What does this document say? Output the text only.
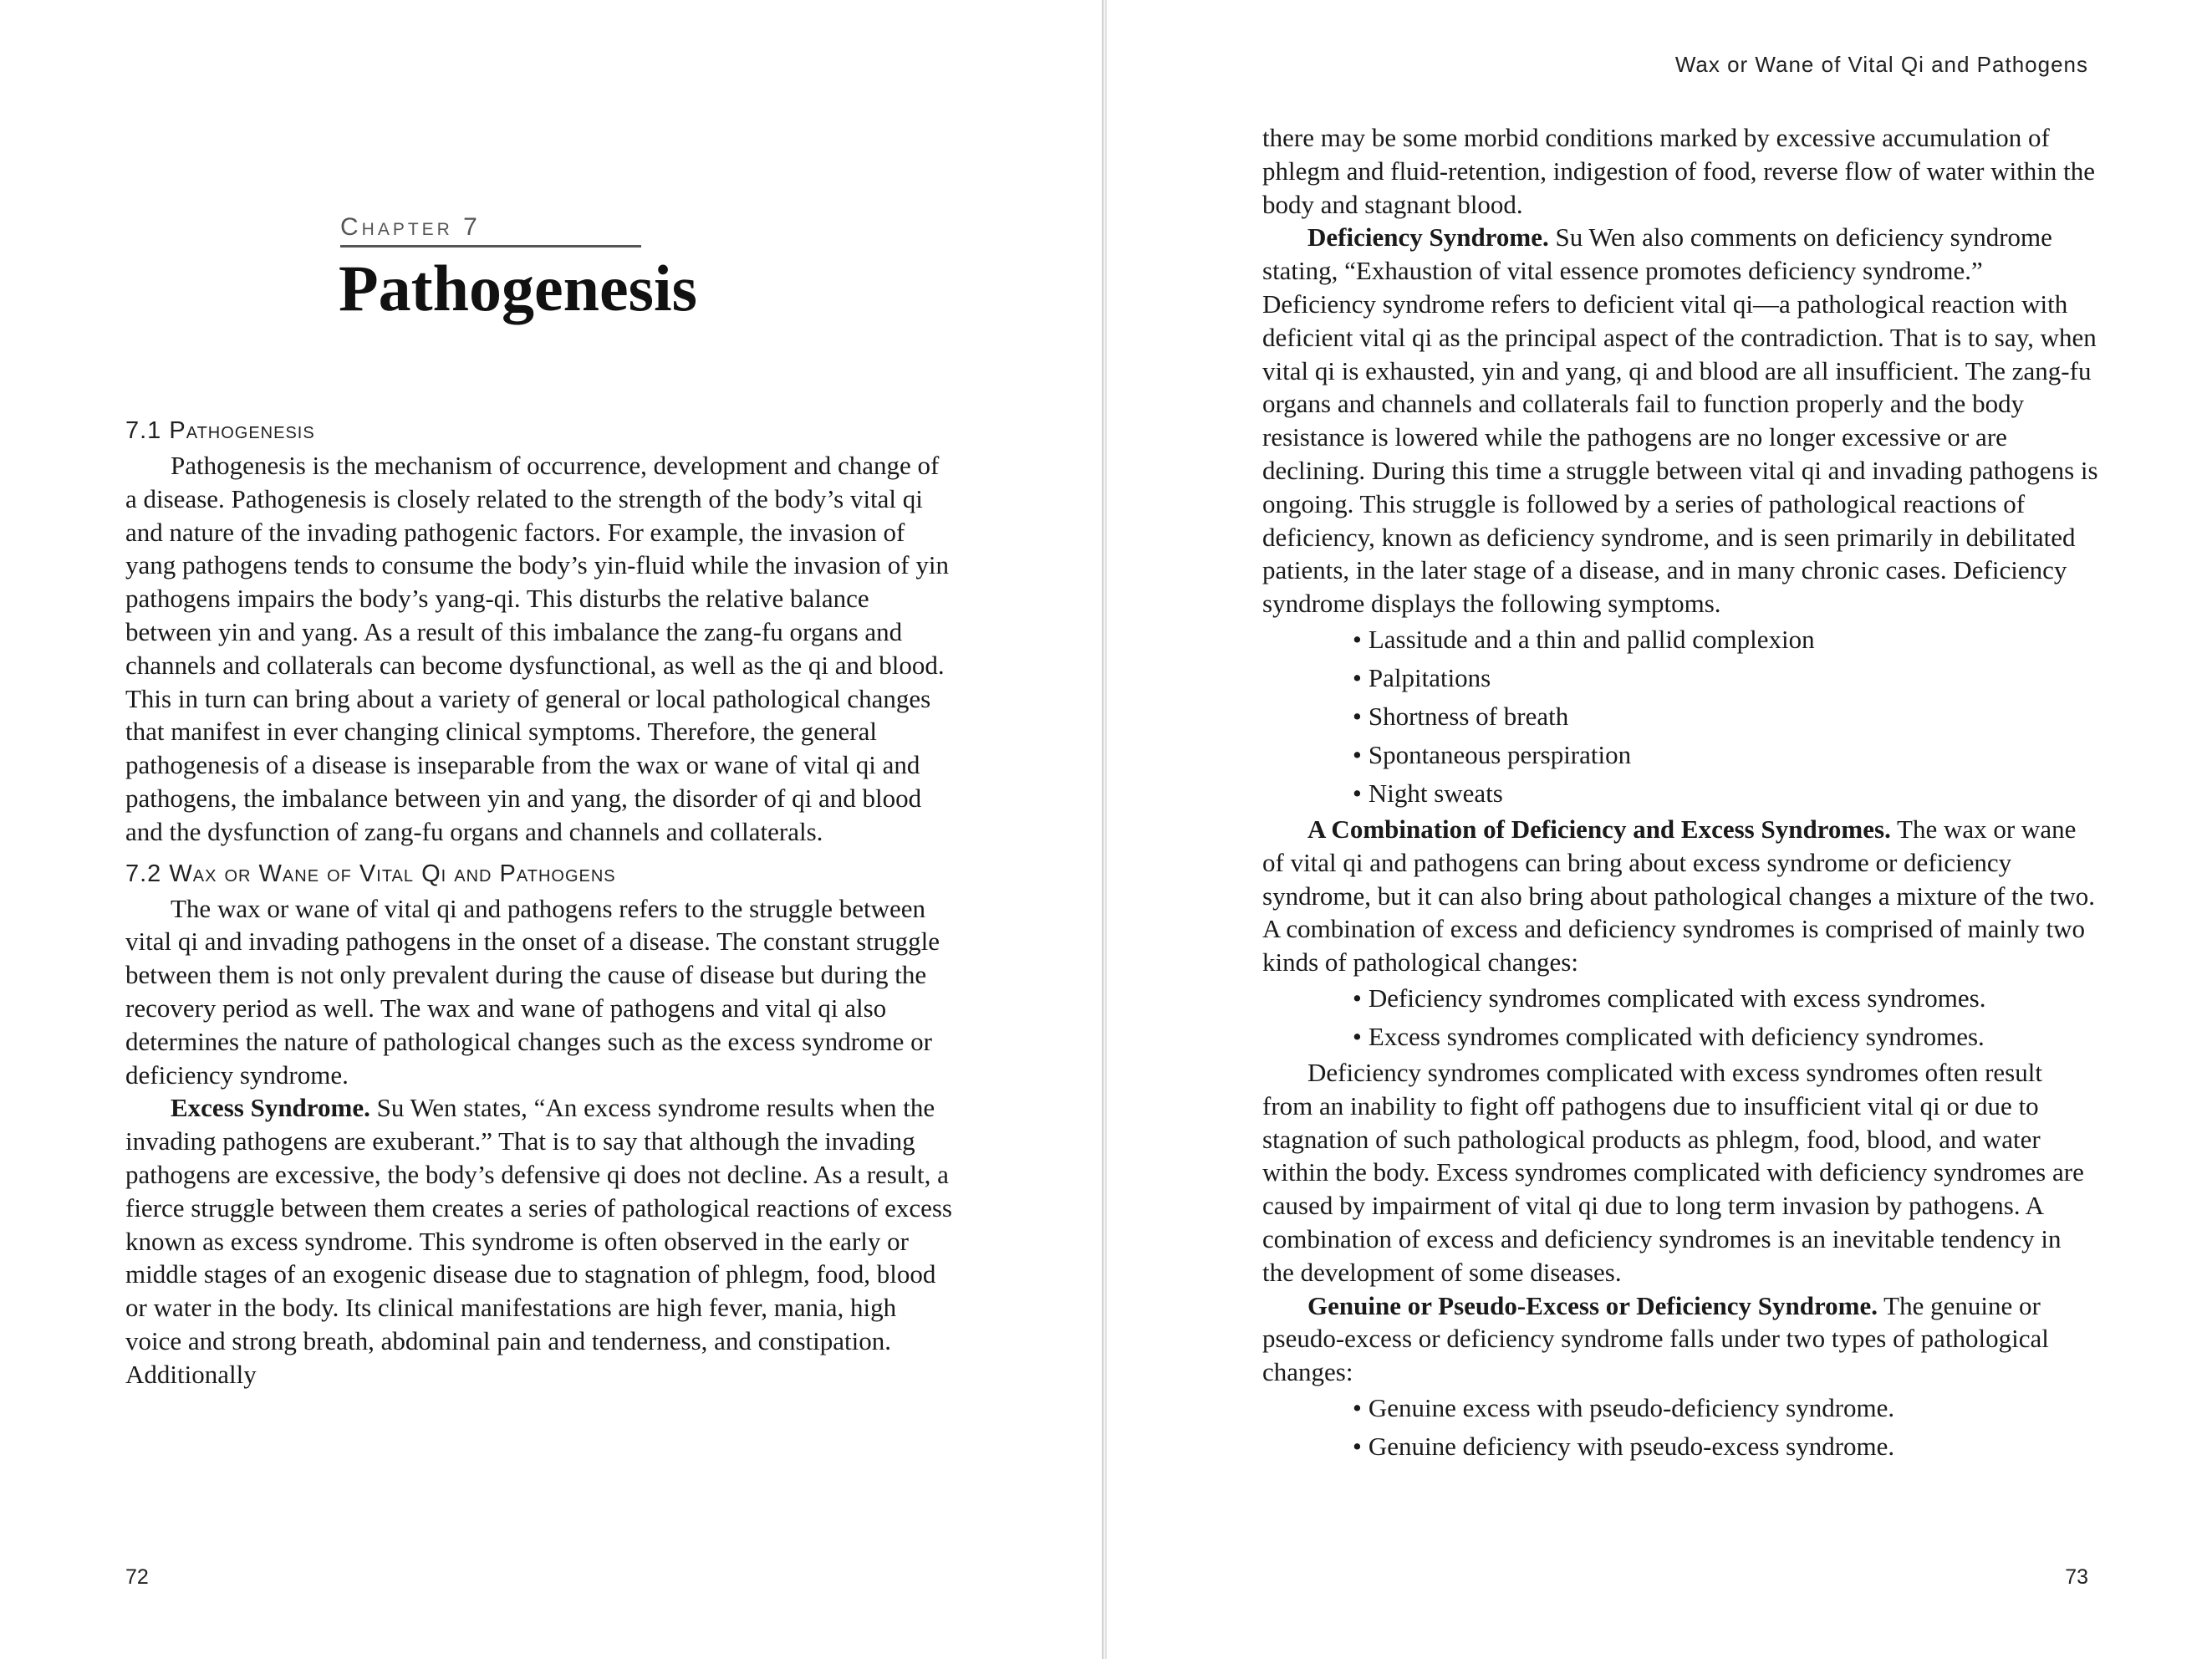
Chapter 7
Pathogenesis
7.1 Pathogenesis

Pathogenesis is the mechanism of occurrence, development and change of a disease. Pathogenesis is closely related to the strength of the body’s vital qi and nature of the invading pathogenic factors. For example, the invasion of yang pathogens tends to consume the body’s yin-fluid while the invasion of yin pathogens impairs the body’s yang-qi. This disturbs the relative balance between yin and yang. As a result of this imbalance the zang-fu organs and channels and collaterals can become dysfunctional, as well as the qi and blood. This in turn can bring about a variety of general or local pathological changes that manifest in ever changing clinical symptoms. Therefore, the general pathogenesis of a disease is inseparable from the wax or wane of vital qi and pathogens, the imbalance between yin and yang, the disorder of qi and blood and the dysfunction of zang-fu organs and channels and collaterals.

7.2 Wax or Wane of Vital Qi and Pathogens

The wax or wane of vital qi and pathogens refers to the struggle between vital qi and invading pathogens in the onset of a disease. The constant struggle between them is not only prevalent during the cause of disease but during the recovery period as well. The wax and wane of pathogens and vital qi also determines the nature of pathological changes such as the excess syndrome or deficiency syndrome.

Excess Syndrome. Su Wen states, “An excess syndrome results when the invading pathogens are exuberant.” That is to say that although the invading pathogens are excessive, the body’s defensive qi does not decline. As a result, a fierce struggle between them creates a series of pathological reactions of excess known as excess syndrome. This syndrome is often observed in the early or middle stages of an exogenic disease due to stagnation of phlegm, food, blood or water in the body. Its clinical manifestations are high fever, mania, high voice and strong breath, abdominal pain and tenderness, and constipation. Additionally

72
Wax or Wane of Vital Qi and Pathogens

there may be some morbid conditions marked by excessive accumulation of phlegm and fluid-retention, indigestion of food, reverse flow of water within the body and stagnant blood.

Deficiency Syndrome. Su Wen also comments on deficiency syndrome stating, “Exhaustion of vital essence promotes deficiency syndrome.” Deficiency syndrome refers to deficient vital qi—a pathological reaction with deficient vital qi as the principal aspect of the contradiction. That is to say, when vital qi is exhausted, yin and yang, qi and blood are all insufficient. The zang-fu organs and channels and collaterals fail to function properly and the body resistance is lowered while the pathogens are no longer excessive or are declining. During this time a struggle between vital qi and invading pathogens is ongoing. This struggle is followed by a series of pathological reactions of deficiency, known as deficiency syndrome, and is seen primarily in debilitated patients, in the later stage of a disease, and in many chronic cases. Deficiency syndrome displays the following symptoms.

• Lassitude and a thin and pallid complexion
• Palpitations
• Shortness of breath
• Spontaneous perspiration
• Night sweats

A Combination of Deficiency and Excess Syndromes. The wax or wane of vital qi and pathogens can bring about excess syndrome or deficiency syndrome, but it can also bring about pathological changes a mixture of the two. A combination of excess and deficiency syndromes is comprised of mainly two kinds of pathological changes:

• Deficiency syndromes complicated with excess syndromes.
• Excess syndromes complicated with deficiency syndromes.

Deficiency syndromes complicated with excess syndromes often result from an inability to fight off pathogens due to insufficient vital qi or due to stagnation of such pathological products as phlegm, food, blood, and water within the body. Excess syndromes complicated with deficiency syndromes are caused by impairment of vital qi due to long term invasion by pathogens. A combination of excess and deficiency syndromes is an inevitable tendency in the development of some diseases.

Genuine or Pseudo-Excess or Deficiency Syndrome. The genuine or pseudo-excess or deficiency syndrome falls under two types of pathological changes:

• Genuine excess with pseudo-deficiency syndrome.
• Genuine deficiency with pseudo-excess syndrome.
73
